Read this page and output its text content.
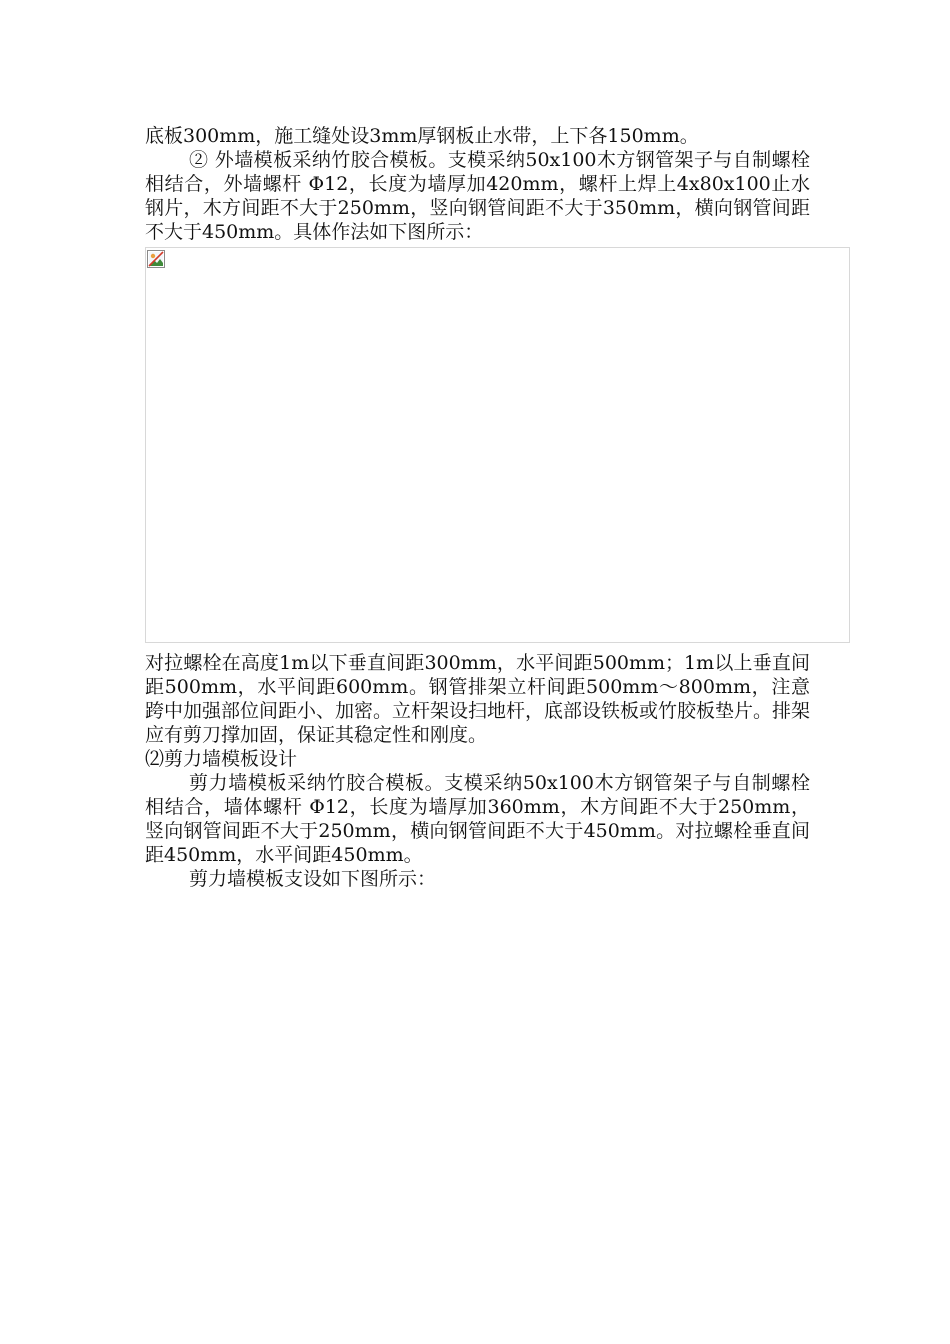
底板300mm，施工缝处设3mm厚钢板止水带，上下各150mm。

② 外墙模板采纳竹胶合模板。支模采纳50x100木方钢管架子与自制螺栓相结合，外墙螺杆 Φ12，长度为墙厚加420mm，螺杆上焊上4x80x100止水钢片，木方间距不大于250mm，竖向钢管间距不大于350mm，横向钢管间距不大于450mm。具体作法如下图所示：

对拉螺栓在高度1m以下垂直间距300mm，水平间距500mm；1m以上垂直间距500mm，水平间距600mm。钢管排架立杆间距500mm～800mm，注意跨中加强部位间距小、加密。立杆架设扫地杆，底部设铁板或竹胶板垫片。排架应有剪刀撑加固，保证其稳定性和刚度。

⑵剪力墙模板设计

剪力墙模板采纳竹胶合模板。支模采纳50x100木方钢管架子与自制螺栓相结合，墙体螺杆 Φ12，长度为墙厚加360mm，木方间距不大于250mm，竖向钢管间距不大于250mm，横向钢管间距不大于450mm。对拉螺栓垂直间距450mm，水平间距450mm。

剪力墙模板支设如下图所示：
